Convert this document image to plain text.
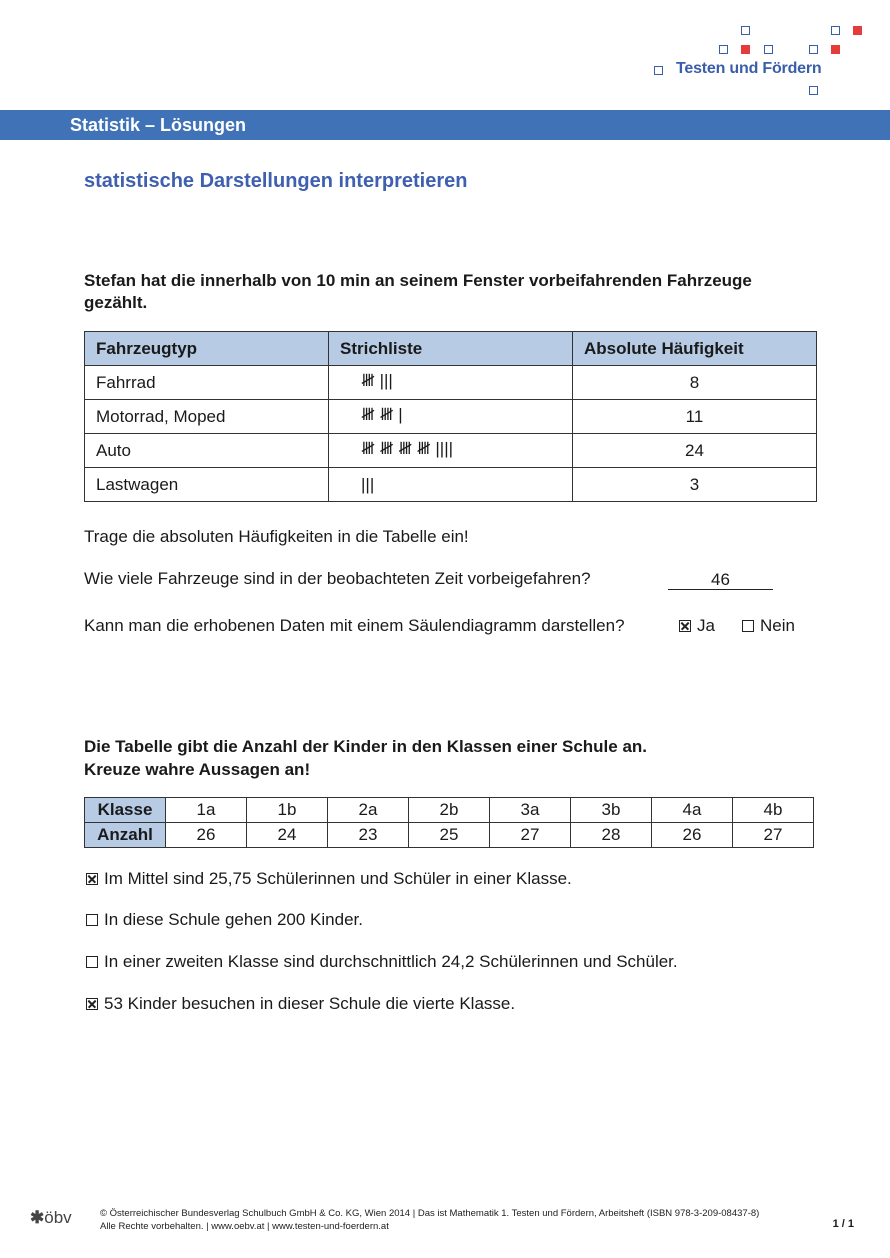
Testen und Fördern
Statistik – Lösungen
statistische Darstellungen interpretieren
Stefan hat die innerhalb von 10 min an seinem Fenster vorbeifahrenden Fahrzeuge gezählt.
Fahrzeugtyp	Strichliste	Absolute Häufigkeit
Fahrrad	𝍸 |||	8
Motorrad, Moped	𝍸 𝍸 |	11
Auto	𝍸 𝍸 𝍸 𝍸 ||||	24
Lastwagen	|||	3
Trage die absoluten Häufigkeiten in die Tabelle ein!
Wie viele Fahrzeuge sind in der beobachteten Zeit vorbeigefahren?	46
Kann man die erhobenen Daten mit einem Säulendiagramm darstellen?	Ja	Nein
Die Tabelle gibt die Anzahl der Kinder in den Klassen einer Schule an.
Kreuze wahre Aussagen an!
Klasse	1a	1b	2a	2b	3a	3b	4a	4b
Anzahl	26	24	23	25	27	28	26	27
Im Mittel sind 25,75 Schülerinnen und Schüler in einer Klasse.
In diese Schule gehen 200 Kinder.
In einer zweiten Klasse sind durchschnittlich 24,2 Schülerinnen und Schüler.
53 Kinder besuchen in dieser Schule die vierte Klasse.
✱öbv	© Österreichischer Bundesverlag Schulbuch GmbH & Co. KG, Wien 2014 | Das ist Mathematik 1. Testen und Fördern, Arbeitsheft (ISBN 978-3-209-08437-8)
Alle Rechte vorbehalten. | www.oebv.at | www.testen-und-foerdern.at	1 / 1
